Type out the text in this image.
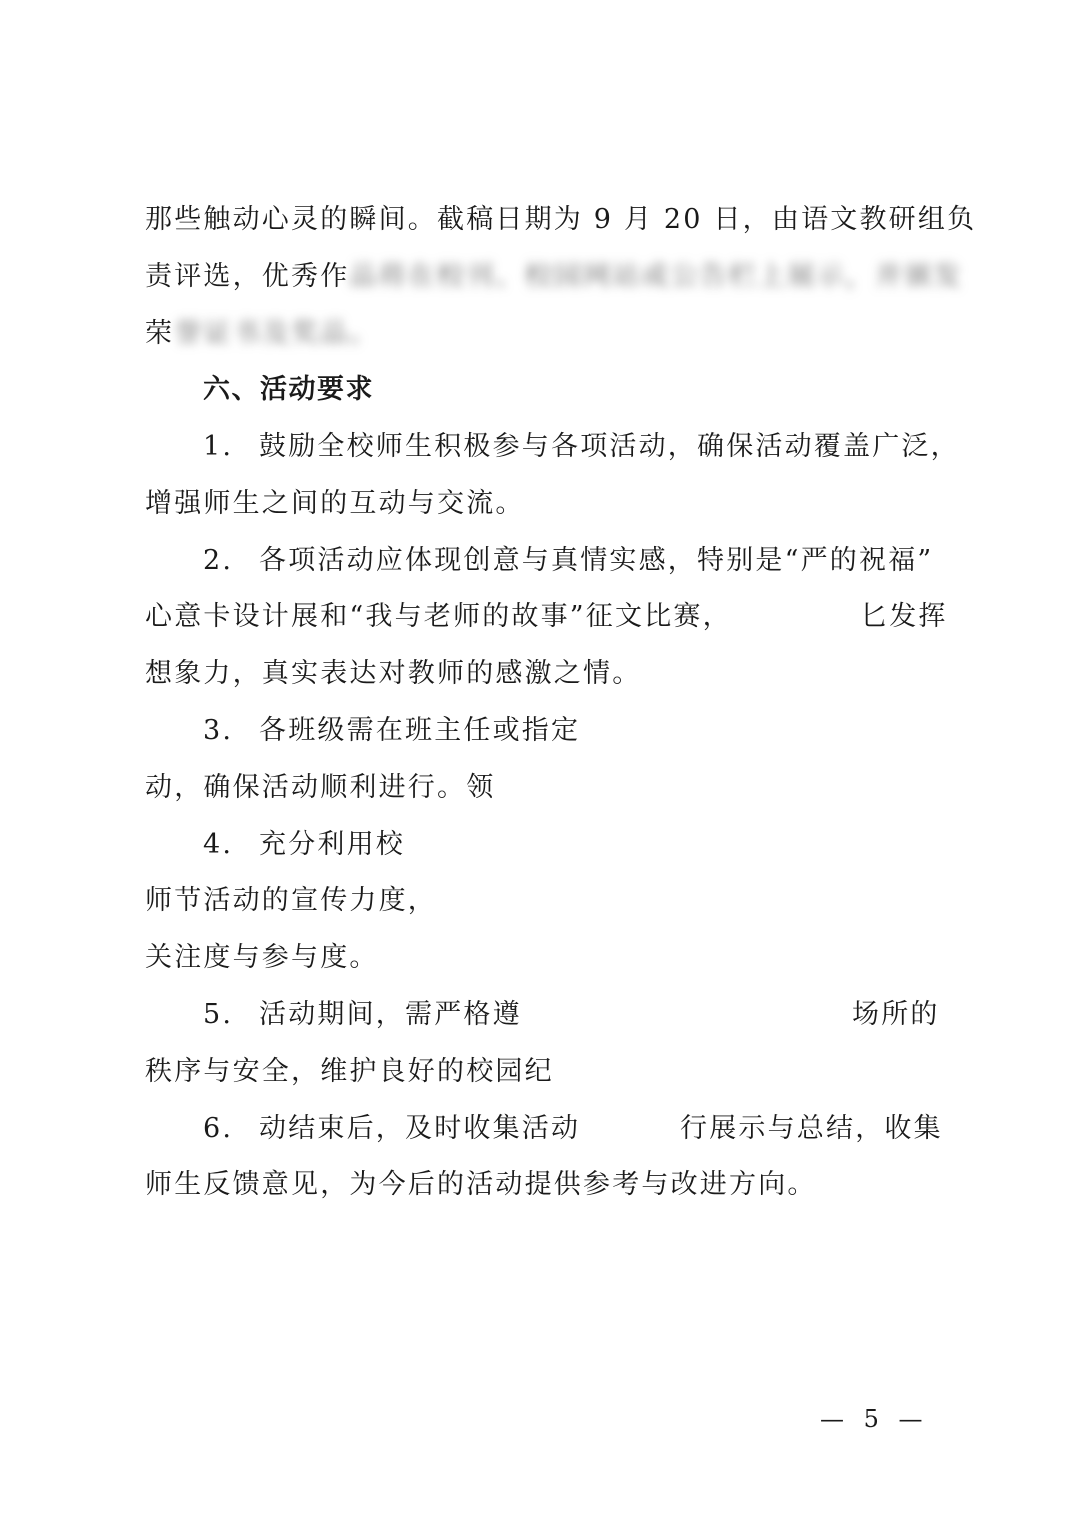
那些触动心灵的瞬间。截稿日期为 9 月 20 日，由语文教研组负
责评选，优秀作品将在校刊、校园网站或公告栏上展示，并颁发
荣誉证书及奖品。
六、活动要求
1. 鼓励全校师生积极参与各项活动，确保活动覆盖广泛，
增强师生之间的互动与交流。
2. 各项活动应体现创意与真情实感，特别是“严的祝福”
心意卡设计展和“我与老师的故事”征文比赛，	匕发挥
想象力，真实表达对教师的感激之情。
3. 各班级需在班主任或指定
动，确保活动顺利进行。领
4. 充分利用校
师节活动的宣传力度，
关注度与参与度。
5. 活动期间，需严格遵	场所的
秩序与安全，维护良好的校园纪
6. 动结束后，及时收集活动	行展示与总结，收集
师生反馈意见，为今后的活动提供参考与改进方向。
— 5 —
